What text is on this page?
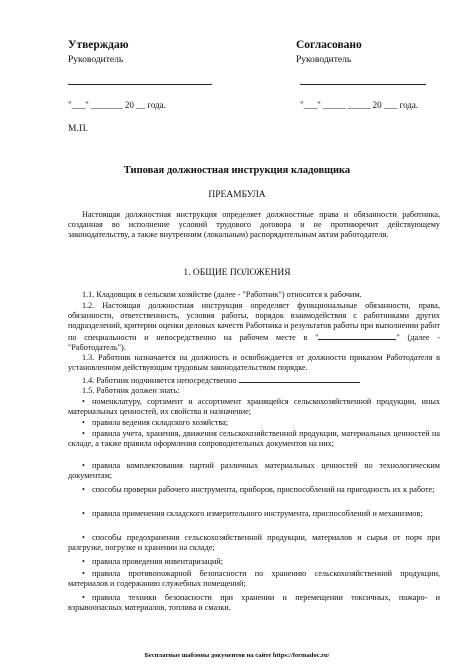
Утверждаю
Руководитель
"___" _______ 20 __ года.
Согласовано
Руководитель
"___" _____ _____ 20 ___ года.
М.П.
Типовая должностная инструкция кладовщика
ПРЕАМБУЛА
Настоящая должностная инструкция определяет должностные права и обязанности работника, созданная во исполнение условий трудового договора и не противоречит действующему законодательству, а также внутренним (локальным) распорядительным актам работодателя.
1. ОБЩИЕ ПОЛОЖЕНИЯ
1.1. Кладовщик в сельском хозяйстве (далее - "Работник") относится к рабочим.
1.2. Настоящая должностная инструкция определяет функциональные обязанности, права, обязанности, ответственность, условия работы, порядок взаимодействия с работниками других подразделений, критерии оценки деловых качеств Работника и результатов работы при выполнении работ по специальности и непосредственно на рабочем месте в "	" (далее - "Работодатель").
1.3. Работник назначается на должность и освобождается от должности приказом Работодателя в установленном действующим трудовым законодательством порядке.
1.4. Работник подчиняется непосредственно	.
1.5. Работник должен знать:
• номенклатуру, сортамент и ассортимент хранящейся сельскохозяйственной продукции, иных материальных ценностей, их свойства и назначение;
• правила ведения складского хозяйства;
• правила учета, хранения, движения сельскохозяйственной продукции, материальных ценностей на складе, а также правила оформления сопроводительных документов на них;
• правила комплектования партий различных материальных ценностей по технологическим документам;
• способы проверки рабочего инструмента, приборов, приспособлений на пригодность их к работе;
• правила применения складского измерительного инструмента, приспособлений и механизмов;
• способы предохранения сельскохозяйственной продукции, материалов и сырья от порч при разгрузке, погрузке и хранении на складе;
• правила проведения инвентаризаций;
• правила противопожарной безопасности по хранению сельскохозяйственной продукции, материалов и содержанию служебных помещений;
• правила техники безопасности при хранении и перемещении токсичных, пожаро- и взрывоопасных материалов, топлива и смазки.
Бесплатные шаблоны документов на сайте https://formadoc.ru/
